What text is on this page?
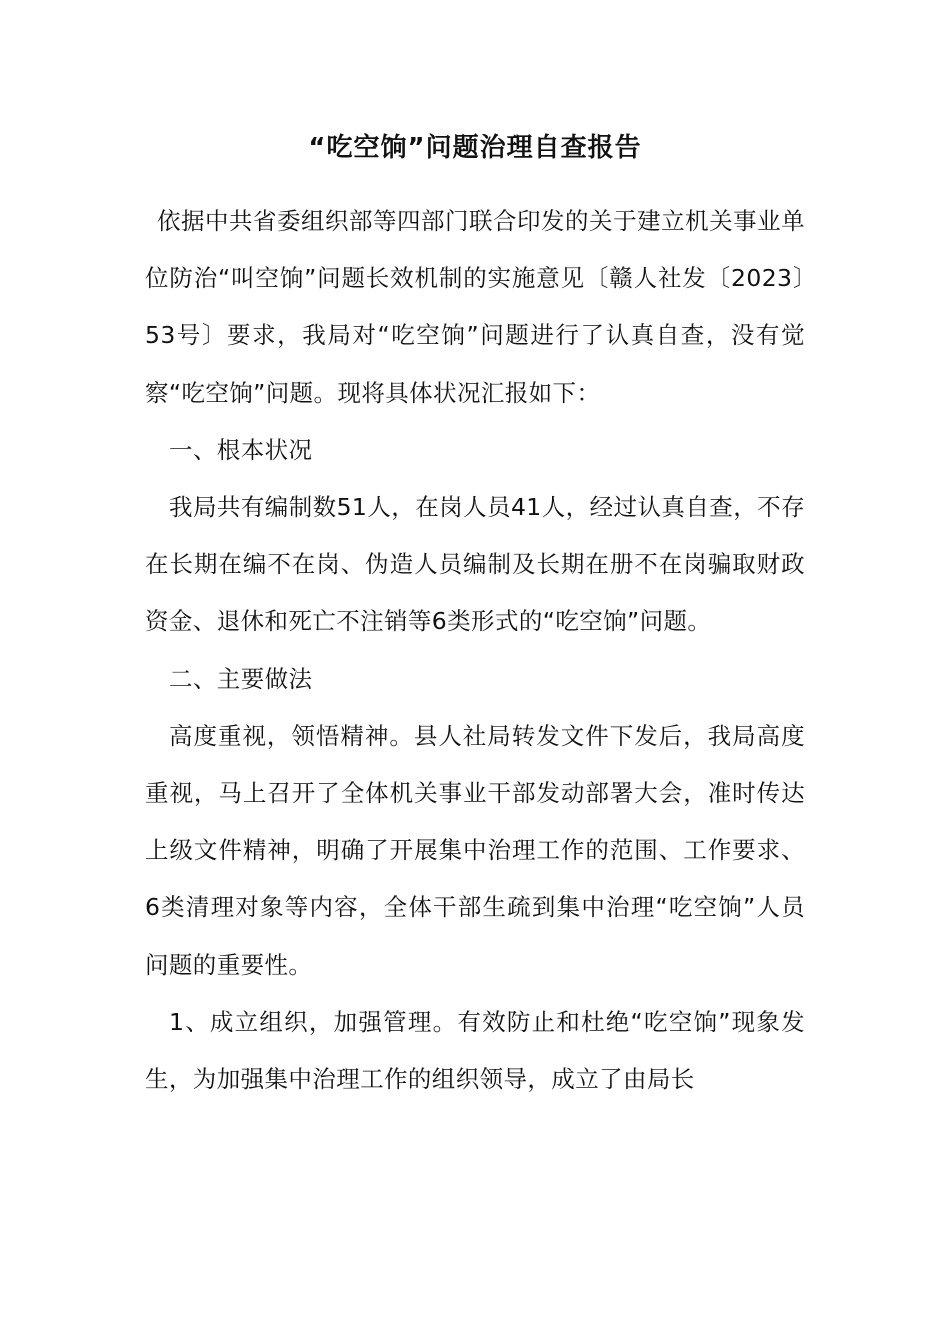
“吃空饷”问题治理自查报告

依据中共省委组织部等四部门联合印发的关于建立机关事业单位防治“叫空饷”问题长效机制的实施意见〔赣人社发〔2023〕53号〕要求，我局对“吃空饷”问题进行了认真自查，没有觉察“吃空饷”问题。现将具体状况汇报如下：

一、根本状况

我局共有编制数51人，在岗人员41人，经过认真自查，不存在长期在编不在岗、伪造人员编制及长期在册不在岗骗取财政资金、退休和死亡不注销等6类形式的“吃空饷”问题。

二、主要做法

高度重视，领悟精神。县人社局转发文件下发后，我局高度重视，马上召开了全体机关事业干部发动部署大会，准时传达上级文件精神，明确了开展集中治理工作的范围、工作要求、6类清理对象等内容，全体干部生疏到集中治理“吃空饷”人员问题的重要性。

1、成立组织，加强管理。有效防止和杜绝“吃空饷”现象发生，为加强集中治理工作的组织领导，成立了由局长
